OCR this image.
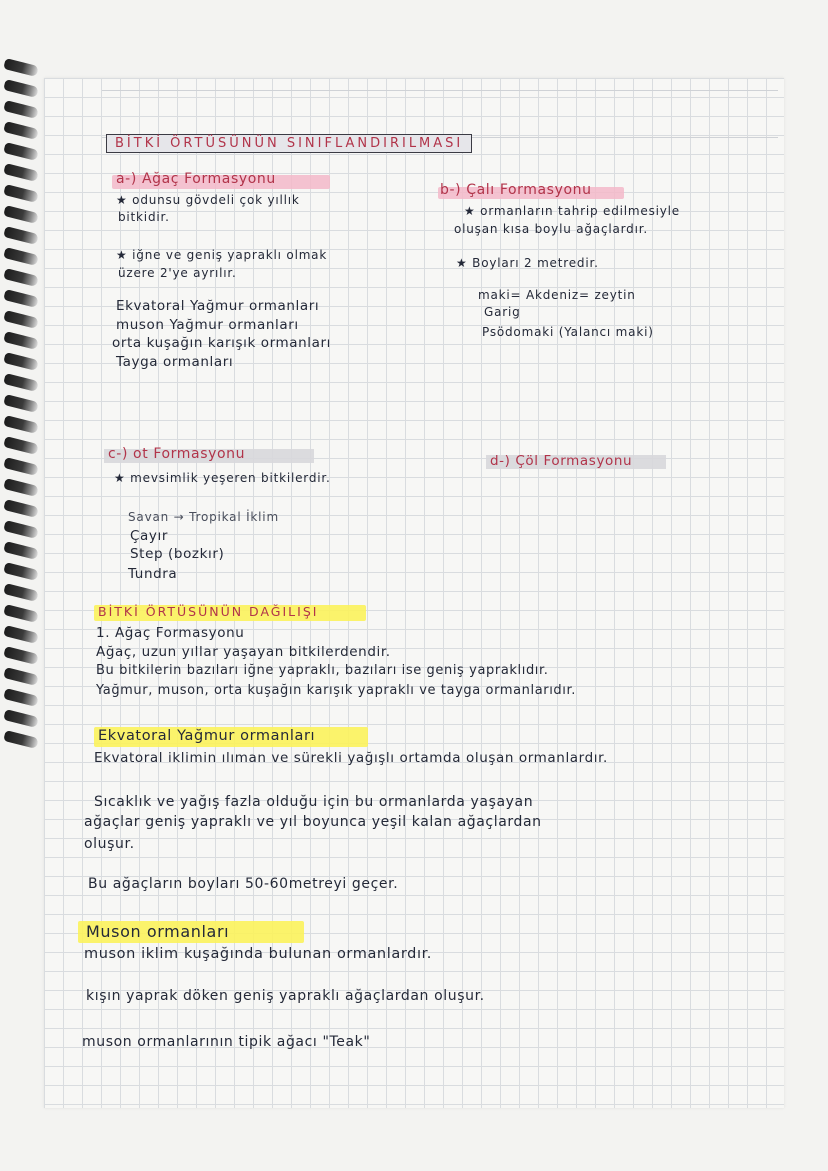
BİTKİ ÖRTÜSÜNÜN SINIFLANDIRILMASI
a-) Ağaç Formasyonu
★ odunsu gövdeli çok yıllık
bitkidir.
★ iğne ve geniş yapraklı olmak
üzere 2'ye ayrılır.
Ekvatoral Yağmur ormanları
muson Yağmur ormanları
orta kuşağın karışık ormanları
Tayga ormanları
b-) Çalı Formasyonu
★ ormanların tahrip edilmesiyle
oluşan kısa boylu ağaçlardır.
★ Boyları 2 metredir.
maki= Akdeniz= zeytin
Garig
Psödomaki (Yalancı maki)
c-) ot Formasyonu
★ mevsimlik yeşeren bitkilerdir.
Savan → Tropikal İklim
Çayır
Step (bozkır)
Tundra
d-) Çöl Formasyonu
BİTKİ ÖRTÜSÜNÜN DAĞILIŞI
1. Ağaç Formasyonu
Ağaç, uzun yıllar yaşayan bitkilerdendir.
Bu bitkilerin bazıları iğne yapraklı, bazıları ise geniş yapraklıdır.
Yağmur, muson, orta kuşağın karışık yapraklı ve tayga ormanlarıdır.
Ekvatoral Yağmur ormanları
Ekvatoral iklimin ılıman ve sürekli yağışlı ortamda oluşan ormanlardır.
Sıcaklık ve yağış fazla olduğu için bu ormanlarda yaşayan
ağaçlar geniş yapraklı ve yıl boyunca yeşil kalan ağaçlardan
oluşur.
Bu ağaçların boyları 50-60metreyi geçer.
Muson ormanları
muson iklim kuşağında bulunan ormanlardır.
kışın yaprak döken geniş yapraklı ağaçlardan oluşur.
muson ormanlarının tipik ağacı "Teak"
